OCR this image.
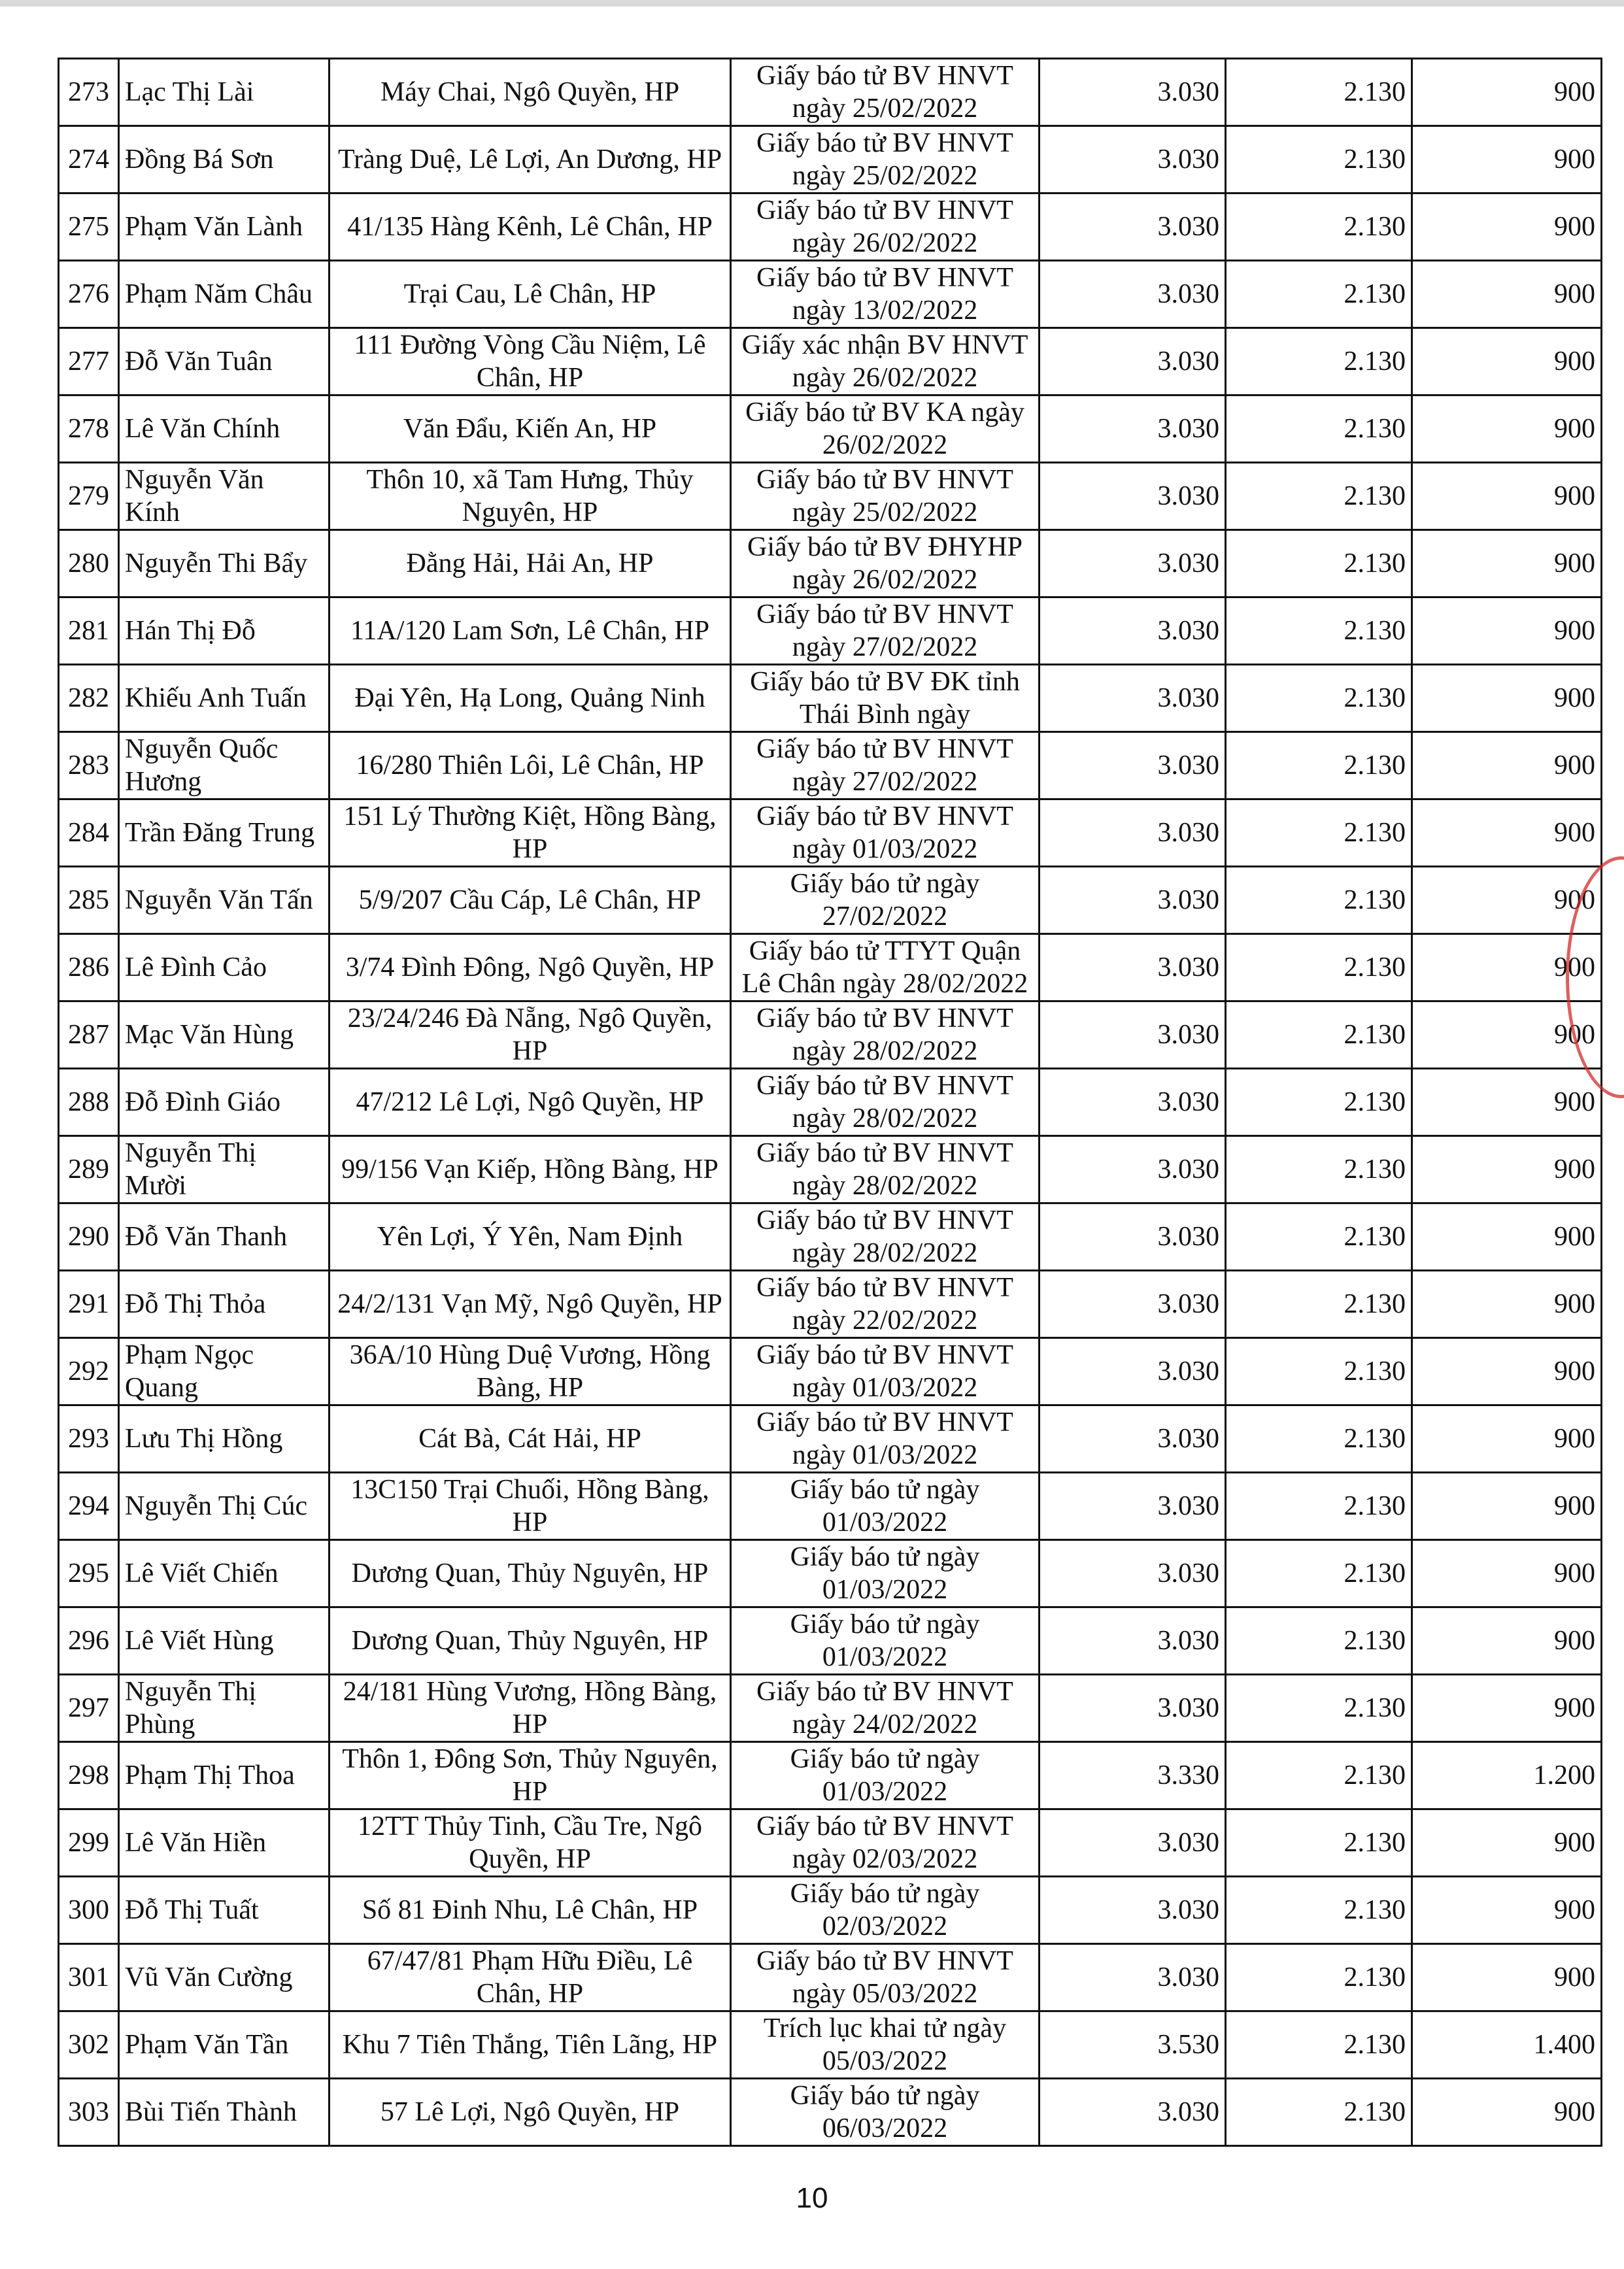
273	Lạc Thị Lài	Máy Chai, Ngô Quyền, HP	Giấy báo tử BV HNVT ngày 25/02/2022	3.030	2.130	900
274	Đồng Bá Sơn	Tràng Duệ, Lê Lợi, An Dương, HP	Giấy báo tử BV HNVT ngày 25/02/2022	3.030	2.130	900
275	Phạm Văn Lành	41/135 Hàng Kênh, Lê Chân, HP	Giấy báo tử BV HNVT ngày 26/02/2022	3.030	2.130	900
276	Phạm Năm Châu	Trại Cau, Lê Chân, HP	Giấy báo tử BV HNVT ngày 13/02/2022	3.030	2.130	900
277	Đỗ Văn Tuân	111 Đường Vòng Cầu Niệm, Lê Chân, HP	Giấy xác nhận BV HNVT ngày 26/02/2022	3.030	2.130	900
278	Lê Văn Chính	Văn Đẩu, Kiến An, HP	Giấy báo tử BV KA ngày 26/02/2022	3.030	2.130	900
279	Nguyễn Văn Kính	Thôn 10, xã Tam Hưng, Thủy Nguyên, HP	Giấy báo tử BV HNVT ngày 25/02/2022	3.030	2.130	900
280	Nguyễn Thi Bẩy	Đằng Hải, Hải An, HP	Giấy báo tử BV ĐHYHP ngày 26/02/2022	3.030	2.130	900
281	Hán Thị Đỗ	11A/120 Lam Sơn, Lê Chân, HP	Giấy báo tử BV HNVT ngày 27/02/2022	3.030	2.130	900
282	Khiếu Anh Tuấn	Đại Yên, Hạ Long, Quảng Ninh	Giấy báo tử BV ĐK tỉnh Thái Bình ngày	3.030	2.130	900
283	Nguyễn Quốc Hương	16/280 Thiên Lôi, Lê Chân, HP	Giấy báo tử BV HNVT ngày 27/02/2022	3.030	2.130	900
284	Trần Đăng Trung	151 Lý Thường Kiệt, Hồng Bàng, HP	Giấy báo tử BV HNVT ngày 01/03/2022	3.030	2.130	900
285	Nguyễn Văn Tấn	5/9/207 Cầu Cáp, Lê Chân, HP	Giấy báo tử ngày 27/02/2022	3.030	2.130	900
286	Lê Đình Cảo	3/74 Đình Đông, Ngô Quyền, HP	Giấy báo tử TTYT Quận Lê Chân ngày 28/02/2022	3.030	2.130	900
287	Mạc Văn Hùng	23/24/246 Đà Nẵng, Ngô Quyền, HP	Giấy báo tử BV HNVT ngày 28/02/2022	3.030	2.130	900
288	Đỗ Đình Giáo	47/212 Lê Lợi, Ngô Quyền, HP	Giấy báo tử BV HNVT ngày 28/02/2022	3.030	2.130	900
289	Nguyễn Thị Mười	99/156 Vạn Kiếp, Hồng Bàng, HP	Giấy báo tử BV HNVT ngày 28/02/2022	3.030	2.130	900
290	Đỗ Văn Thanh	Yên Lợi, Ý Yên, Nam Định	Giấy báo tử BV HNVT ngày 28/02/2022	3.030	2.130	900
291	Đỗ Thị Thỏa	24/2/131 Vạn Mỹ, Ngô Quyền, HP	Giấy báo tử BV HNVT ngày 22/02/2022	3.030	2.130	900
292	Phạm Ngọc Quang	36A/10 Hùng Duệ Vương, Hồng Bàng, HP	Giấy báo tử BV HNVT ngày 01/03/2022	3.030	2.130	900
293	Lưu Thị Hồng	Cát Bà, Cát Hải, HP	Giấy báo tử BV HNVT ngày 01/03/2022	3.030	2.130	900
294	Nguyễn Thị Cúc	13C150 Trại Chuối, Hồng Bàng, HP	Giấy báo tử ngày 01/03/2022	3.030	2.130	900
295	Lê Viết Chiến	Dương Quan, Thủy Nguyên, HP	Giấy báo tử ngày 01/03/2022	3.030	2.130	900
296	Lê Viết Hùng	Dương Quan, Thủy Nguyên, HP	Giấy báo tử ngày 01/03/2022	3.030	2.130	900
297	Nguyễn Thị Phùng	24/181 Hùng Vương, Hồng Bàng, HP	Giấy báo tử BV HNVT ngày 24/02/2022	3.030	2.130	900
298	Phạm Thị Thoa	Thôn 1, Đông Sơn, Thủy Nguyên, HP	Giấy báo tử ngày 01/03/2022	3.330	2.130	1.200
299	Lê Văn Hiền	12TT Thủy Tinh, Cầu Tre, Ngô Quyền, HP	Giấy báo tử BV HNVT ngày 02/03/2022	3.030	2.130	900
300	Đỗ Thị Tuất	Số 81 Đinh Nhu, Lê Chân, HP	Giấy báo tử ngày 02/03/2022	3.030	2.130	900
301	Vũ Văn Cường	67/47/81 Phạm Hữu Điều, Lê Chân, HP	Giấy báo tử BV HNVT ngày 05/03/2022	3.030	2.130	900
302	Phạm Văn Tần	Khu 7 Tiên Thắng, Tiên Lãng, HP	Trích lục khai tử ngày 05/03/2022	3.530	2.130	1.400
303	Bùi Tiến Thành	57 Lê Lợi, Ngô Quyền, HP	Giấy báo tử ngày 06/03/2022	3.030	2.130	900
10
